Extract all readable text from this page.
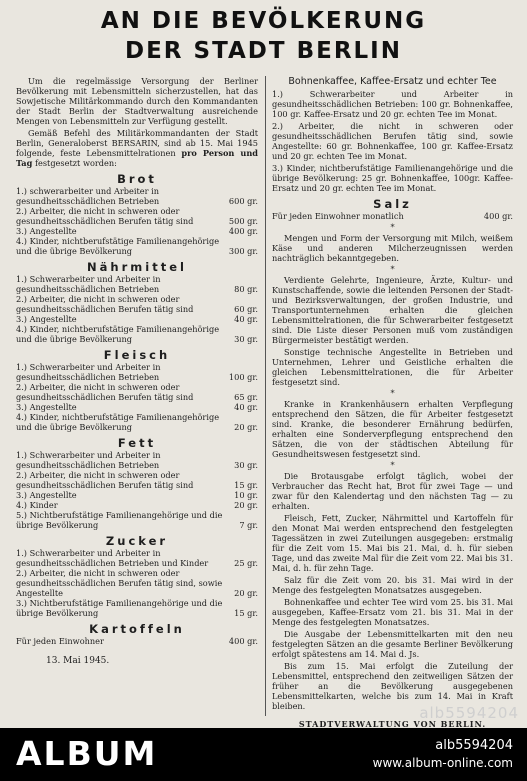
AN DIE BEVÖLKERUNG
DER STADT BERLIN

Um die regelmässige Versorgung der Berliner Bevölkerung mit Lebensmitteln sicherzustellen, hat das Sowjetische Militärkommando durch den Kommandanten der Stadt Berlin der Stadtverwaltung ausreichende Mengen von Lebensmitteln zur Verfügung gestellt.

Gemäß Befehl des Militärkommandanten der Stadt Berlin, Generaloberst BERSARIN, sind ab 15. Mai 1945 folgende, feste Lebensmittelrationen pro Person und Tag festgesetzt worden:

Brot
1.) schwerarbeiter und Arbeiter in gesundheitsschädlichen Betrieben	600 gr.
2.) Arbeiter, die nicht in schweren oder gesundheitsschädlichen Berufen tätig sind	500 gr.
3.) Angestellte	400 gr.
4.) Kinder, nichtberufstätige Familienangehörige und die übrige Bevölkerung	300 gr.
Nährmittel
1.) Schwerarbeiter und Arbeiter in gesundheitsschädlichen Betrieben	80 gr.
2.) Arbeiter, die nicht in schweren oder gesundheitsschädlichen Berufen tätig sind	60 gr.
3.) Angestellte	40 gr.
4.) Kinder, nichtberufstätige Familienangehörige und die übrige Bevölkerung	30 gr.
Fleisch
1.) Schwerarbeiter und Arbeiter in gesundheitsschädlichen Betrieben	100 gr.
2.) Arbeiter, die nicht in schweren oder gesundheitsschädlichen Berufen tätig sind	65 gr.
3.) Angestellte	40 gr.
4.) Kinder, nichtberufstätige Familienangehörige und die übrige Bevölkerung	20 gr.
Fett
1.) Schwerarbeiter und Arbeiter in gesundheitsschädlichen Betrieben	30 gr.
2.) Arbeiter, die nicht in schweren oder gesundheitsschädlichen Berufen tätig sind	15 gr.
3.) Angestellte	10 gr.
4.) Kinder	20 gr.
5.) Nichtberufstätige Familienangehörige und die übrige Bevölkerung	7 gr.
Zucker
1.) Schwerarbeiter und Arbeiter in gesundheitsschädlichen Betrieben und Kinder	25 gr.
2.) Arbeiter, die nicht in schweren oder gesundheitsschädlichen Berufen tätig sind, sowie Angestellte	20 gr.
3.) Nichtberufstätige Familienangehörige und die übrige Bevölkerung	15 gr.
Kartoffeln
Für jeden Einwohner	400 gr.
13. Mai 1945.
Bohnenkaffee, Kaffee-Ersatz und echter Tee

1.) Schwerarbeiter und Arbeiter in gesundheitsschädlichen Betrieben: 100 gr. Bohnenkaffee, 100 gr. Kaffee-Ersatz und 20 gr. echten Tee im Monat.

2.) Arbeiter, die nicht in schweren oder gesundheitsschädlichen Berufen tätig sind, sowie Angestellte: 60 gr. Bohnenkaffee, 100 gr. Kaffee-Ersatz und 20 gr. echten Tee im Monat.

3.) Kinder, nichtberufstätige Familienangehörige und die übrige Bevölkerung: 25 gr. Bohnenkaffee, 100gr. Kaffee-Ersatz und 20 gr. echten Tee im Monat.

Salz
Für jeden Einwohner monatlich	400 gr.
*

Mengen und Form der Versorgung mit Milch, weißem Käse und anderen Milcherzeugnissen werden nachträglich bekanntgegeben.

*

Verdiente Gelehrte, Ingenieure, Ärzte, Kultur- und Kunstschaffende, sowie die leitenden Personen der Stadt- und Bezirksverwaltungen, der großen Industrie, und Transportunternehmen erhalten die gleichen Lebensmittelrationen, die für Schwerarbeiter festgesetzt sind. Die Liste dieser Personen muß vom zuständigen Bürgermeister bestätigt werden.

Sonstige technische Angestellte in Betrieben und Unternehmen, Lehrer und Geistliche erhalten die gleichen Lebensmittelrationen, die für Arbeiter festgesetzt sind.

*

Kranke in Krankenhäusern erhalten Verpflegung entsprechend den Sätzen, die für Arbeiter festgesetzt sind. Kranke, die besonderer Ernährung bedürfen, erhalten eine Sonderverpflegung entsprechend den Sätzen, die von der städtischen Abteilung für Gesundheitswesen festgesetzt sind.

*

Die Brotausgabe erfolgt täglich, wobei der Verbraucher das Recht hat, Brot für zwei Tage — und zwar für den Kalendertag und den nächsten Tag — zu erhalten.

Fleisch, Fett, Zucker, Nährmittel und Kartoffeln für den Monat Mai werden entsprechend den festgelegten Tagessätzen in zwei Zuteilungen ausgegeben: erstmalig für die Zeit vom 15. Mai bis 21. Mai, d. h. für sieben Tage, und das zweite Mal für die Zeit vom 22. Mai bis 31. Mai, d. h. für zehn Tage.

Salz für die Zeit vom 20. bis 31. Mai wird in der Menge des festgelegten Monatsatzes ausgegeben.

Bohnenkaffee und echter Tee wird vom 25. bis 31. Mai ausgegeben, Kaffee-Ersatz vom 21. bis 31. Mai in der Menge des festgelegten Monatsatzes.

Die Ausgabe der Lebensmittelkarten mit den neu festgelegten Sätzen an die gesamte Berliner Bevölkerung erfolgt spätestens am 14. Mai d. Js.

Bis zum 15. Mai erfolgt die Zuteilung der Lebensmittel, entsprechend den zeitweiligen Sätzen der früher an die Bevölkerung ausgegebenen Lebensmittelkarten, welche bis zum 14. Mai in Kraft bleiben.

STADTVERWALTUNG VON BERLIN.
alb5594204
ALBUM	alb5594204
www.album-online.com
